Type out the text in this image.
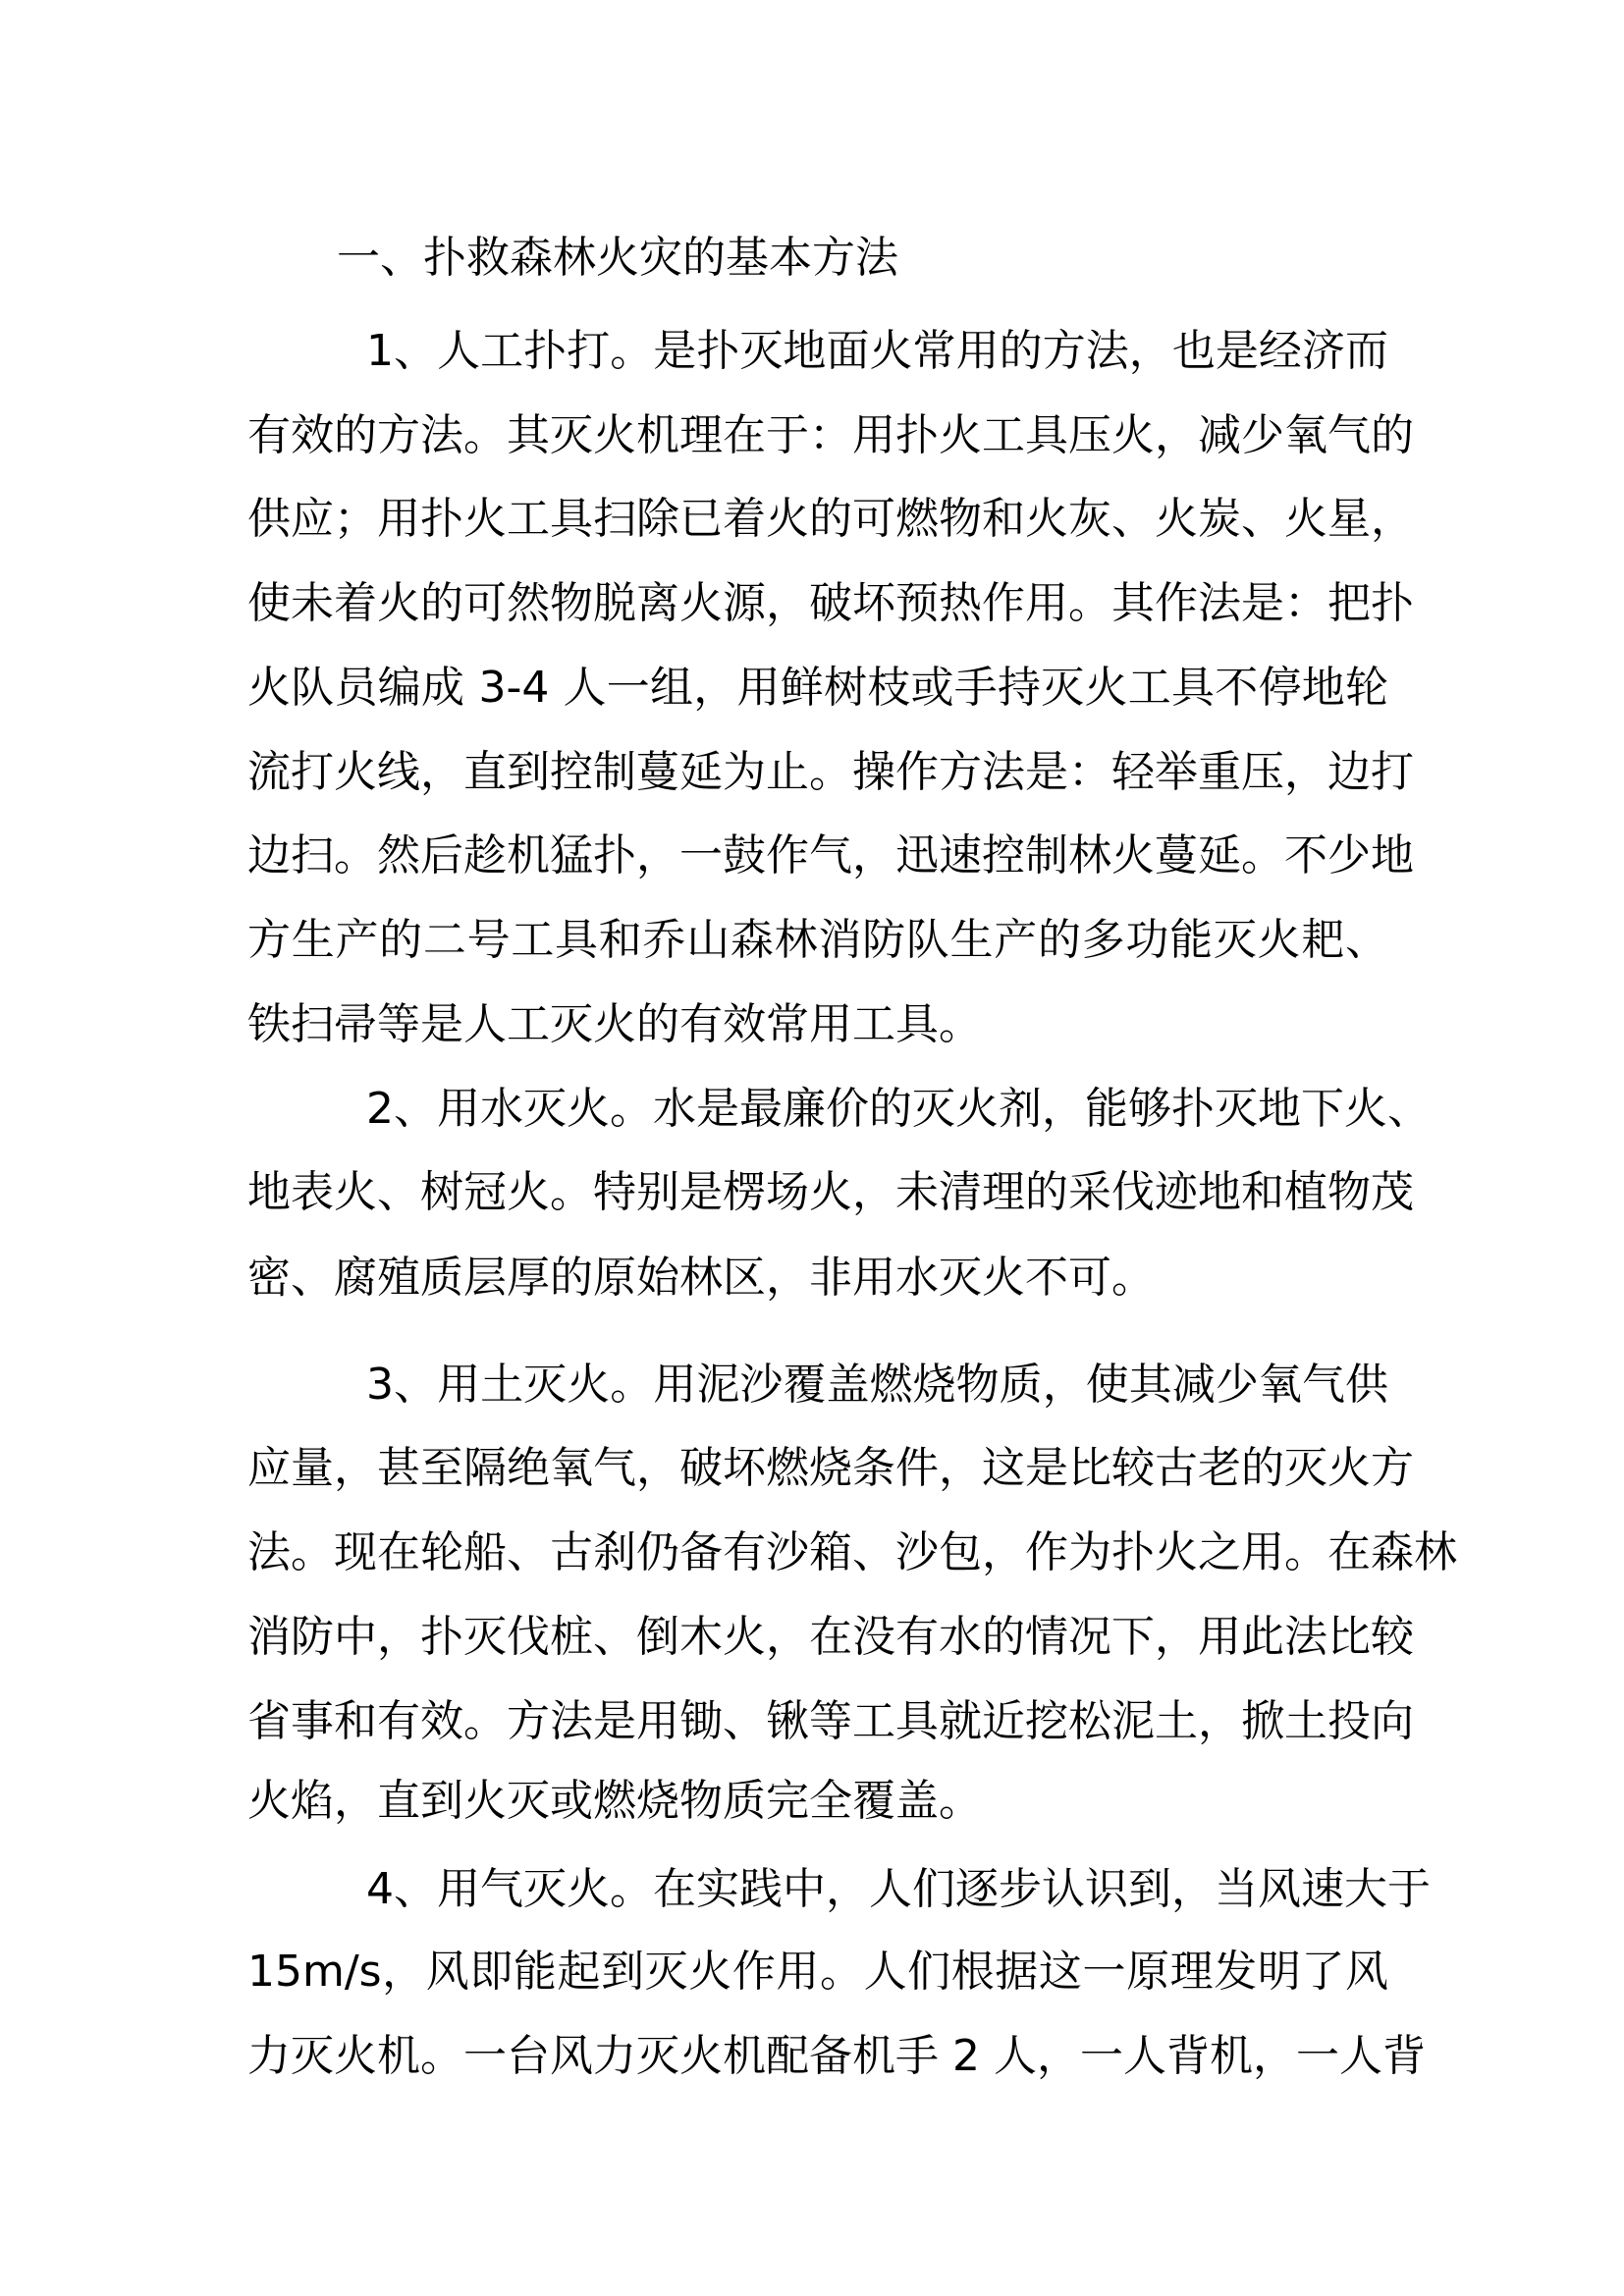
一、扑救森林火灾的基本方法
1、人工扑打。是扑灭地面火常用的方法，也是经济而
有效的方法。其灭火机理在于：用扑火工具压火，减少氧气的
供应；用扑火工具扫除已着火的可燃物和火灰、火炭、火星，
使未着火的可然物脱离火源，破坏预热作用。其作法是：把扑
火队员编成 3-4 人一组，用鲜树枝或手持灭火工具不停地轮
流打火线，直到控制蔓延为止。操作方法是：轻举重压，边打
边扫。然后趁机猛扑，一鼓作气，迅速控制林火蔓延。不少地
方生产的二号工具和乔山森林消防队生产的多功能灭火耙、
铁扫帚等是人工灭火的有效常用工具。
2、用水灭火。水是最廉价的灭火剂，能够扑灭地下火、
地表火、树冠火。特别是楞场火，未清理的采伐迹地和植物茂
密、腐殖质层厚的原始林区，非用水灭火不可。
3、用土灭火。用泥沙覆盖燃烧物质，使其减少氧气供
应量，甚至隔绝氧气，破坏燃烧条件，这是比较古老的灭火方
法。现在轮船、古刹仍备有沙箱、沙包，作为扑火之用。在森林
消防中，扑灭伐桩、倒木火，在没有水的情况下，用此法比较
省事和有效。方法是用锄、锹等工具就近挖松泥土，掀土投向
火焰，直到火灭或燃烧物质完全覆盖。
4、用气灭火。在实践中，人们逐步认识到，当风速大于
15m/s，风即能起到灭火作用。人们根据这一原理发明了风
力灭火机。一台风力灭火机配备机手 2 人，一人背机，一人背
